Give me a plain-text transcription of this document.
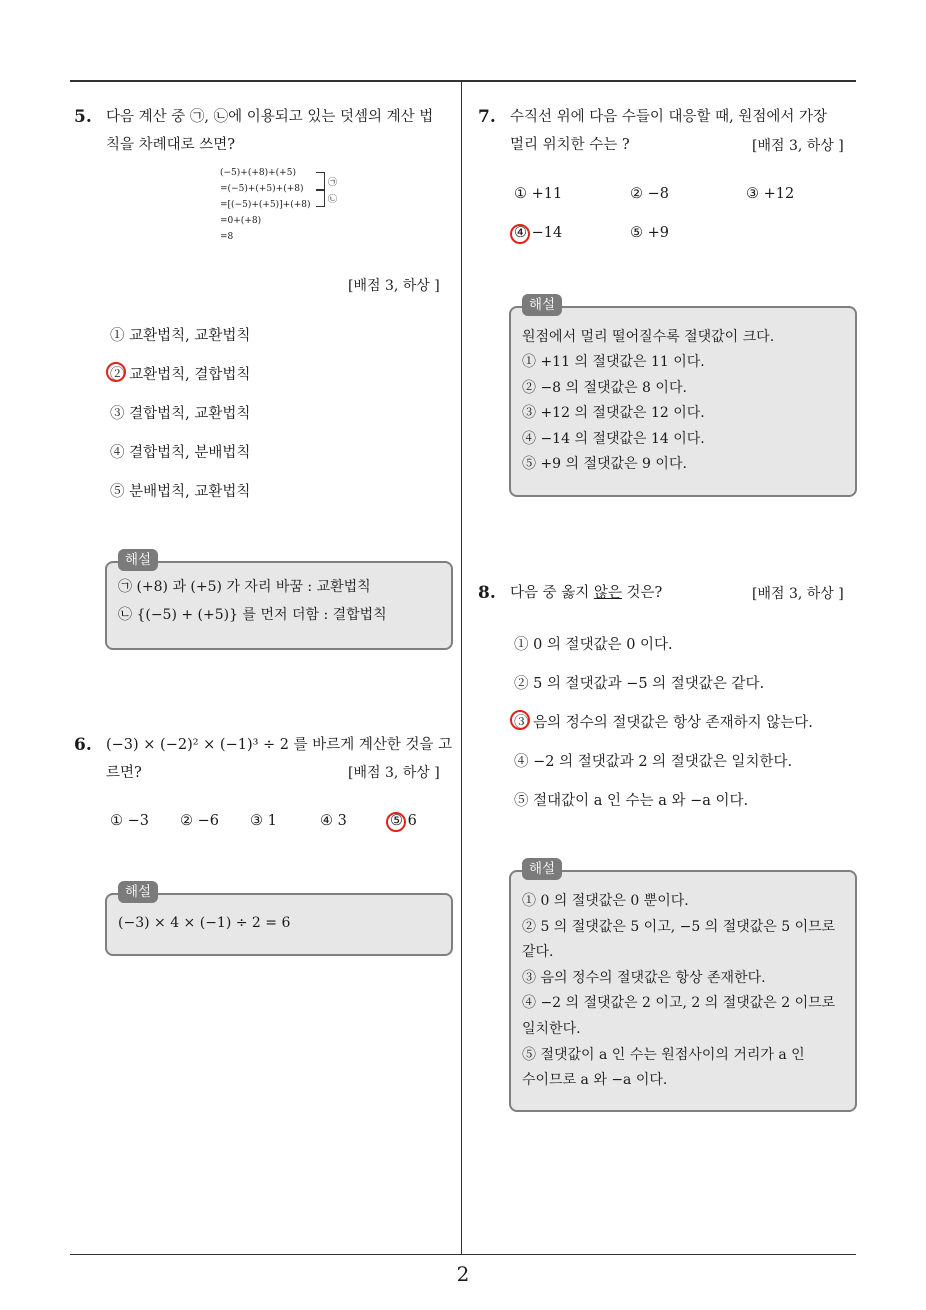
2
5. 다음 계산 중 ㉠, ㉡에 이용되고 있는 덧셈의 계산 법
칙을 차례대로 쓰면?
(−5)+(+8)+(+5)
=(−5)+(+5)+(+8)
=[(−5)+(+5)]+(+8)
=0+(+8)
=8
㉠
㉡
[배점 3, 하상 ]
① 교환법칙, 교환법칙
② 교환법칙, 결합법칙
③ 결합법칙, 교환법칙
④ 결합법칙, 분배법칙
⑤ 분배법칙, 교환법칙
㉠ (+8) 과 (+5) 가 자리 바꿈 : 교환법칙
㉡ {(−5) + (+5)} 를 먼저 더함 : 결합법칙
해설
6. (−3) × (−2)² × (−1)³ ÷ 2 를 바르게 계산한 것을 고
르면?	[배점 3, 하상 ]
① −3 ② −6 ③ 1	④ 3	⑤ 6
(−3) × 4 × (−1) ÷ 2 = 6
해설
7. 수직선 위에 다음 수들이 대응할 때, 원점에서 가장
멀리 위치한 수는 ?	[배점 3, 하상 ]
① +11	② −8	③ +12
④ −14	⑤ +9
원점에서 멀리 떨어질수록 절댓값이 크다.
① +11 의 절댓값은 11 이다.
② −8 의 절댓값은 8 이다.
③ +12 의 절댓값은 12 이다.
④ −14 의 절댓값은 14 이다.
⑤ +9 의 절댓값은 9 이다.
해설
8. 다음 중 옳지 않은 것은?	[배점 3, 하상 ]
① 0 의 절댓값은 0 이다.
② 5 의 절댓값과 −5 의 절댓값은 같다.
③ 음의 정수의 절댓값은 항상 존재하지 않는다.
④ −2 의 절댓값과 2 의 절댓값은 일치한다.
⑤ 절대값이 a 인 수는 a 와 −a 이다.
① 0 의 절댓값은 0 뿐이다.
② 5 의 절댓값은 5 이고, −5 의 절댓값은 5 이므로
같다.
③ 음의 정수의 절댓값은 항상 존재한다.
④ −2 의 절댓값은 2 이고, 2 의 절댓값은 2 이므로
일치한다.
⑤ 절댓값이 a 인 수는 원점사이의 거리가 a 인
수이므로 a 와 −a 이다.
해설
